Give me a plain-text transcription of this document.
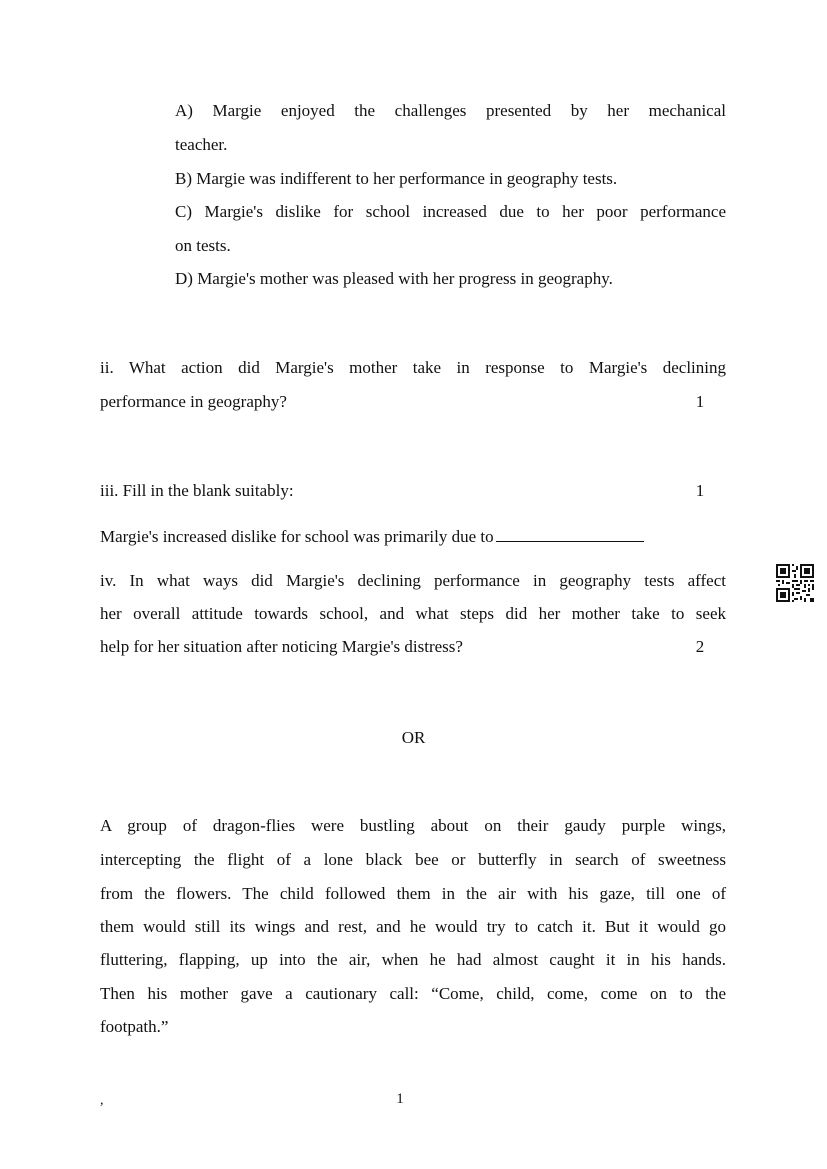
A) Margie enjoyed the challenges presented by her mechanical
teacher.
B) Margie was indifferent to her performance in geography tests.
C) Margie's dislike for school increased due to her poor performance
on tests.
D) Margie's mother was pleased with her progress in geography.
ii. What action did Margie's mother take in response to Margie's declining
performance in geography?	1
iii. Fill in the blank suitably:	1
Margie's increased dislike for school was primarily due to
iv. In what ways did Margie's declining performance in geography tests affect
her overall attitude towards school, and what steps did her mother take to seek
help for her situation after noticing Margie's distress?	2
OR
A group of dragon-flies were bustling about on their gaudy purple wings,
intercepting the flight of a lone black bee or butterfly in search of sweetness
from the flowers. The child followed them in the air with his gaze, till one of
them would still its wings and rest, and he would try to catch it. But it would go
fluttering, flapping, up into the air, when he had almost caught it in his hands.
Then his mother gave a cautionary call: “Come, child, come, come on to the
footpath.”
,	1
